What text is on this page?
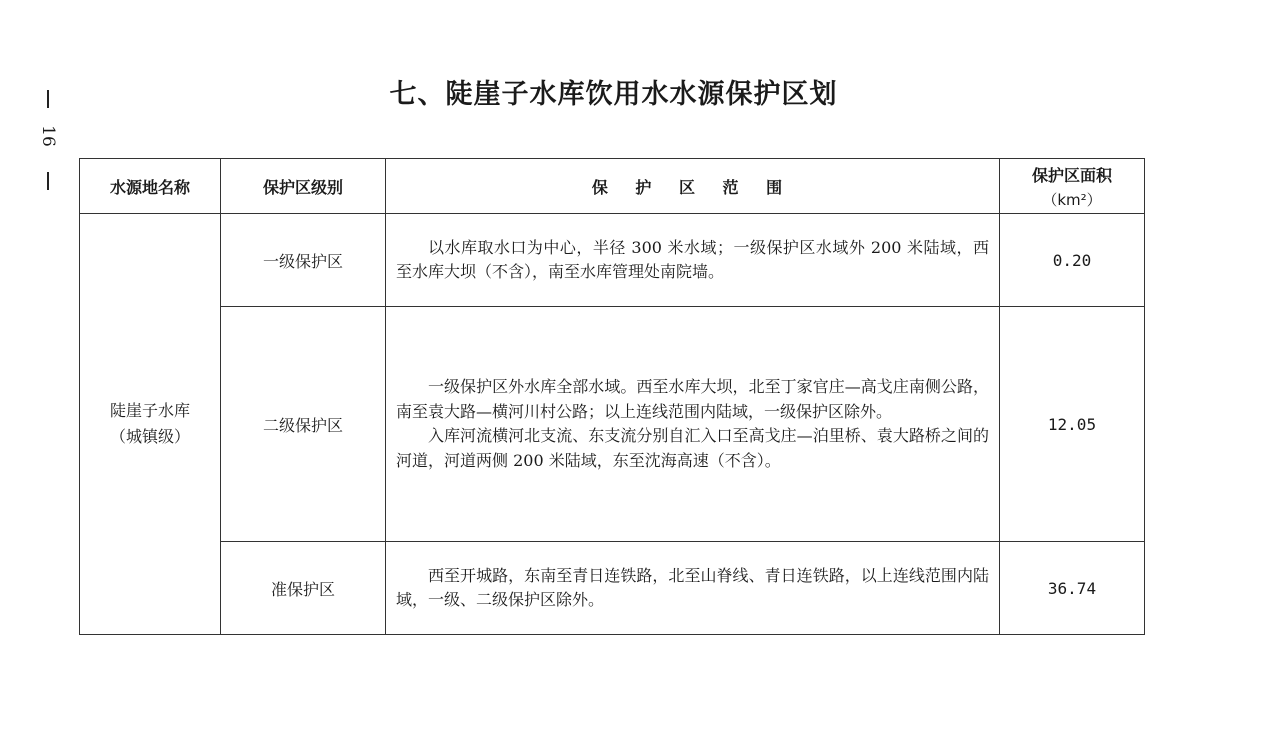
16
七、陡崖子水库饮用水水源保护区划
水源地名称	保护区级别	保 护 区 范 围	保护区面积
（km²）

陡崖子水库
（城镇级）	一级保护区	以水库取水口为中心，半径 300 米水域；一级保护区水域外 200 米陆域，西至水库大坝（不含），南至水库管理处南院墙。	0.20
	二级保护区	一级保护区外水库全部水域。西至水库大坝，北至丁家官庄—高戈庄南侧公路，南至袁大路—横河川村公路；以上连线范围内陆域，一级保护区除外。

入库河流横河北支流、东支流分别自汇入口至高戈庄—泊里桥、袁大路桥之间的河道，河道两侧 200 米陆域，东至沈海高速（不含）。	12.05
	准保护区	西至开城路，东南至青日连铁路，北至山脊线、青日连铁路，以上连线范围内陆域，一级、二级保护区除外。	36.74
